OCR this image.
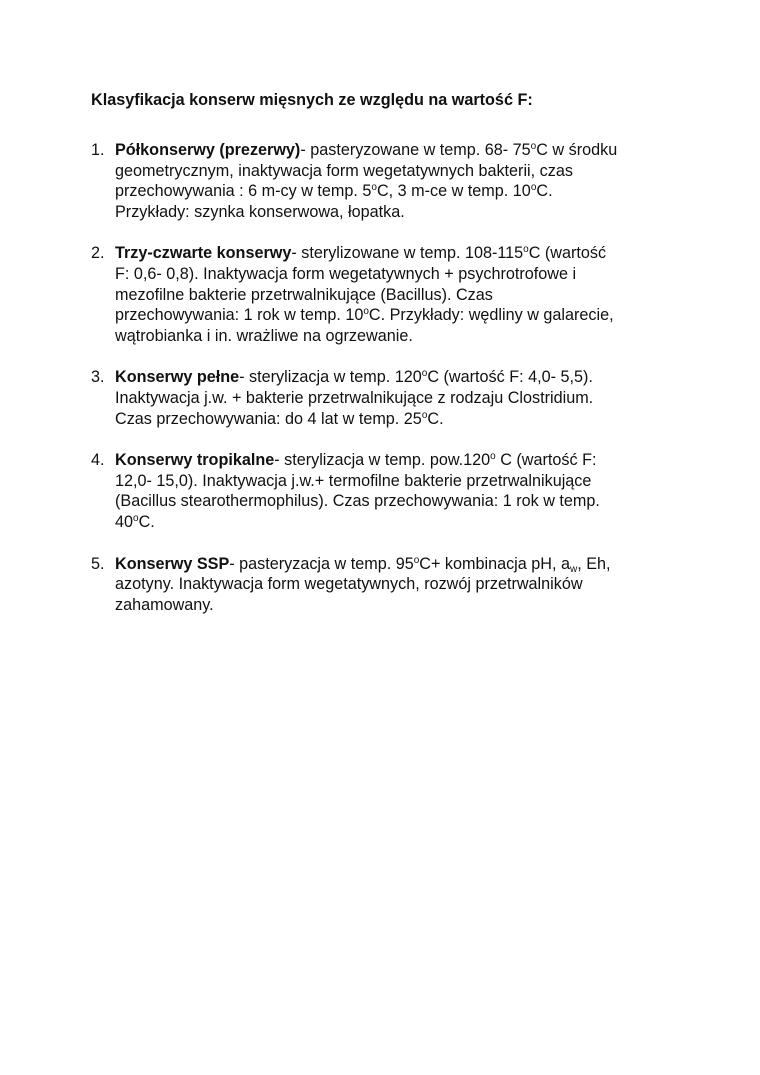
Klasyfikacja konserw mięsnych ze względu na wartość F:
1. Półkonserwy (prezerwy)- pasteryzowane w temp. 68- 75$^o$C w środku
geometrycznym, inaktywacja form wegetatywnych bakterii, czas
przechowywania : 6 m-cy w temp. 5$^o$C, 3 m-ce w temp. 10$^o$C.
Przykłady: szynka konserwowa, łopatka.
2. Trzy-czwarte konserwy- sterylizowane w temp. 108-115$^o$C (wartość
F: 0,6- 0,8). Inaktywacja form wegetatywnych + psychrotrofowe i
mezofilne bakterie przetrwalnikujące (Bacillus). Czas
przechowywania: 1 rok w temp. 10$^o$C. Przykłady: wędliny w galarecie,
wątrobianka i in. wrażliwe na ogrzewanie.
3. Konserwy pełne- sterylizacja w temp. 120$^o$C (wartość F: 4,0- 5,5).
Inaktywacja j.w. + bakterie przetrwalnikujące z rodzaju Clostridium.
Czas przechowywania: do 4 lat w temp. 25$^o$C.
4. Konserwy tropikalne- sterylizacja w temp. pow.120$^o$ C (wartość F:
12,0- 15,0). Inaktywacja j.w.+ termofilne bakterie przetrwalnikujące
(Bacillus stearothermophilus). Czas przechowywania: 1 rok w temp.
40$^o$C.
5. Konserwy SSP- pasteryzacja w temp. $95^oC+$ kombinacja pH, $a_w$, Eh,
azotyny. Inaktywacja form wegetatywnych, rozwój przetrwalników
zahamowany.
